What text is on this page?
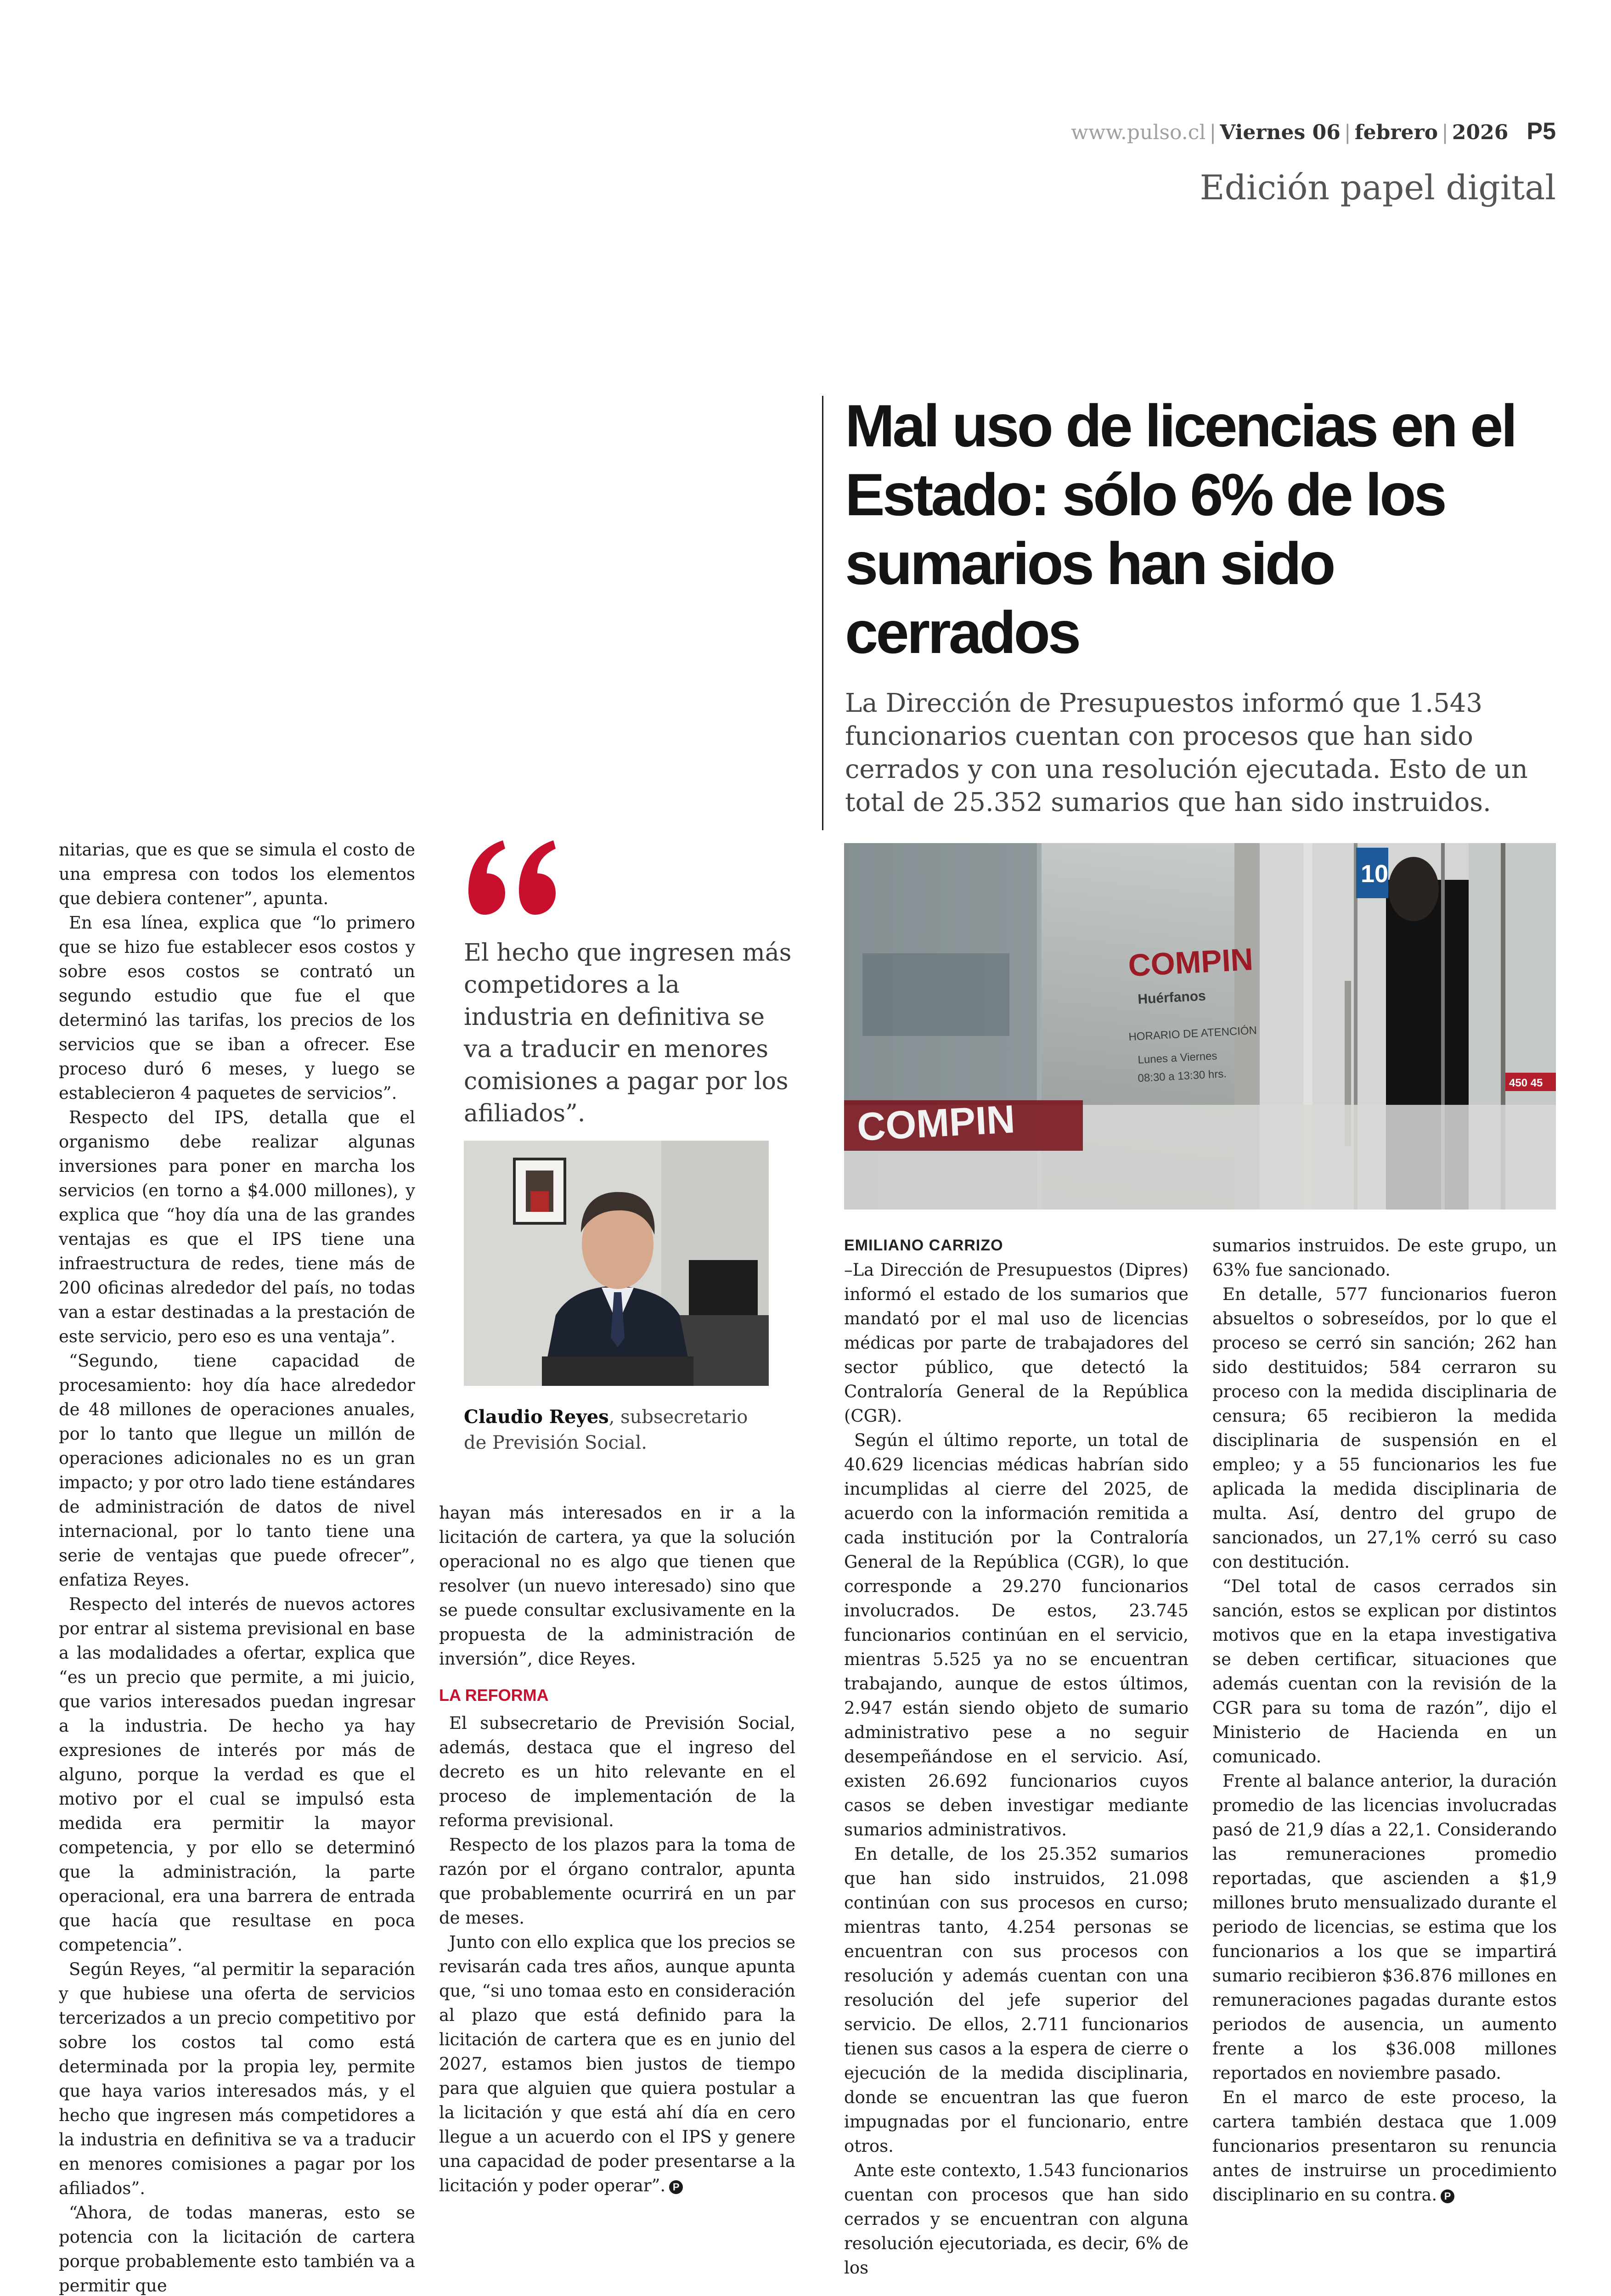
www.pulso.cl | Viernes 06 | febrero | 2026 P5
Edición papel digital
Mal uso de licencias en el Estado: sólo 6% de los sumarios han sido cerrados

La Dirección de Presupuestos informó que 1.543 funcionarios cuentan con procesos que han sido cerrados y con una resolución ejecutada. Esto de un total de 25.352 sumarios que han sido instruidos.

COMPIN
COMPIN
Huérfanos
HORARIO DE ATENCIÓN
Lunes a Viernes
08:30 a 13:30 hrs.
10
450 45

nitarias, que es que se simula el costo de una empresa con todos los elementos que debiera contener”, apunta.

En esa línea, explica que “lo primero que se hizo fue establecer esos costos y sobre esos costos se contrató un segundo estudio que fue el que determinó las tarifas, los precios de los servicios que se iban a ofrecer. Ese proceso duró 6 meses, y luego se establecieron 4 paquetes de servicios”.

Respecto del IPS, detalla que el organismo debe realizar algunas inversiones para poner en marcha los servicios (en torno a $4.000 millones), y explica que “hoy día una de las grandes ventajas es que el IPS tiene una infraestructura de redes, tiene más de 200 oficinas alrededor del país, no todas van a estar destinadas a la prestación de este servicio, pero eso es una ventaja”.

“Segundo, tiene capacidad de procesamiento: hoy día hace alrededor de 48 millones de operaciones anuales, por lo tanto que llegue un millón de operaciones adicionales no es un gran impacto; y por otro lado tiene estándares de administración de datos de nivel internacional, por lo tanto tiene una serie de ventajas que puede ofrecer”, enfatiza Reyes.

Respecto del interés de nuevos actores por entrar al sistema previsional en base a las modalidades a ofertar, explica que “es un precio que permite, a mi juicio, que varios interesados puedan ingresar a la industria. De hecho ya hay expresiones de interés por más de alguno, porque la verdad es que el motivo por el cual se impulsó esta medida era permitir la mayor competencia, y por ello se determinó que la administración, la parte operacional, era una barrera de entrada que hacía que resultase en poca competencia”.

Según Reyes, “al permitir la separación y que hubiese una oferta de servicios tercerizados a un precio competitivo por sobre los costos tal como está determinada por la propia ley, permite que haya varios interesados más, y el hecho que ingresen más competidores a la industria en definitiva se va a traducir en menores comisiones a pagar por los afiliados”.

“Ahora, de todas maneras, esto se potencia con la licitación de cartera porque probablemente esto también va a permitir que

El hecho que ingresen más competidores a la industria en definitiva se va a traducir en menores comisiones a pagar por los afiliados”.

Claudio Reyes, subsecretario de Previsión Social.

hayan más interesados en ir a la licitación de cartera, ya que la solución operacional no es algo que tienen que resolver (un nuevo interesado) sino que se puede consultar exclusivamente en la propuesta de la administración de inversión”, dice Reyes.

LA REFORMA

El subsecretario de Previsión Social, además, destaca que el ingreso del decreto es un hito relevante en el proceso de implementación de la reforma previsional.

Respecto de los plazos para la toma de razón por el órgano contralor, apunta que probablemente ocurrirá en un par de meses.

Junto con ello explica que los precios se revisarán cada tres años, aunque apunta que, “si uno tomaa esto en consideración al plazo que está definido para la licitación de cartera que es en junio del 2027, estamos bien justos de tiempo para que alguien que quiera postular a la licitación y que está ahí día en cero llegue a un acuerdo con el IPS y genere una capacidad de poder presentarse a la licitación y poder operar”. P

EMILIANO CARRIZO

–La Dirección de Presupuestos (Dipres) informó el estado de los sumarios que mandató por el mal uso de licencias médicas por parte de trabajadores del sector público, que detectó la Contraloría General de la República (CGR).

Según el último reporte, un total de 40.629 licencias médicas habrían sido incumplidas al cierre del 2025, de acuerdo con la información remitida a cada institución por la Contraloría General de la República (CGR), lo que corresponde a 29.270 funcionarios involucrados. De estos, 23.745 funcionarios continúan en el servicio, mientras 5.525 ya no se encuentran trabajando, aunque de estos últimos, 2.947 están siendo objeto de sumario administrativo pese a no seguir desempeñándose en el servicio. Así, existen 26.692 funcionarios cuyos casos se deben investigar mediante sumarios administrativos.

En detalle, de los 25.352 sumarios que han sido instruidos, 21.098 continúan con sus procesos en curso; mientras tanto, 4.254 personas se encuentran con sus procesos con resolución y además cuentan con una resolución del jefe superior del servicio. De ellos, 2.711 funcionarios tienen sus casos a la espera de cierre o ejecución de la medida disciplinaria, donde se encuentran las que fueron impugnadas por el funcionario, entre otros.

Ante este contexto, 1.543 funcionarios cuentan con procesos que han sido cerrados y se encuentran con alguna resolución ejecutoriada, es decir, 6% de los

sumarios instruidos. De este grupo, un 63% fue sancionado.

En detalle, 577 funcionarios fueron absueltos o sobreseídos, por lo que el proceso se cerró sin sanción; 262 han sido destituidos; 584 cerraron su proceso con la medida disciplinaria de censura; 65 recibieron la medida disciplinaria de suspensión en el empleo; y a 55 funcionarios les fue aplicada la medida disciplinaria de multa. Así, dentro del grupo de sancionados, un 27,1% cerró su caso con destitución.

“Del total de casos cerrados sin sanción, estos se explican por distintos motivos que en la etapa investigativa se deben certificar, situaciones que además cuentan con la revisión de la CGR para su toma de razón”, dijo el Ministerio de Hacienda en un comunicado.

Frente al balance anterior, la duración promedio de las licencias involucradas pasó de 21,9 días a 22,1. Considerando las remuneraciones promedio reportadas, que ascienden a $1,9 millones bruto mensualizado durante el periodo de licencias, se estima que los funcionarios a los que se impartirá sumario recibieron $36.876 millones en remuneraciones pagadas durante estos periodos de ausencia, un aumento frente a los $36.008 millones reportados en noviembre pasado.

En el marco de este proceso, la cartera también destaca que 1.009 funcionarios presentaron su renuncia antes de instruirse un procedimiento disciplinario en su contra. P
